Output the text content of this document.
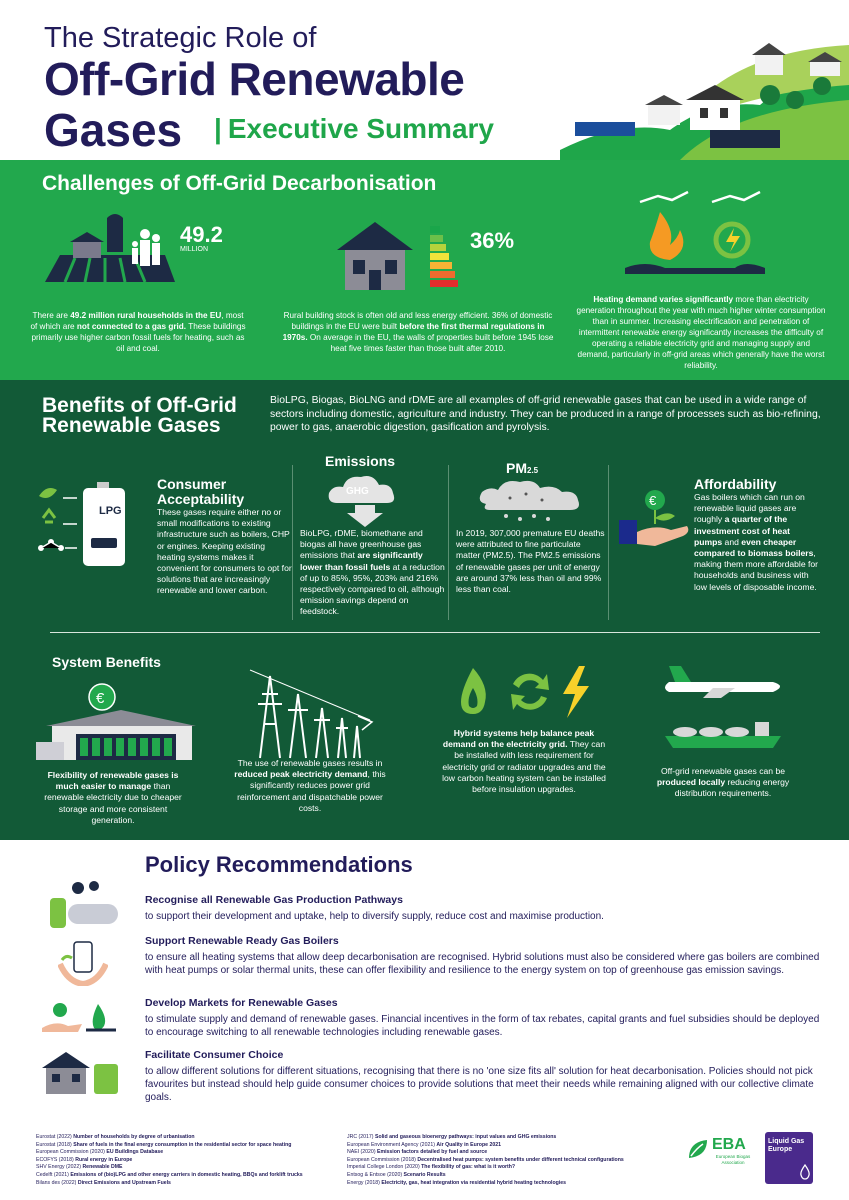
The Strategic Role of
Off-Grid Renewable
Gases | Executive Summary
Challenges of Off-Grid Decarbonisation
49.2
MILLION
There are 49.2 million rural households in the EU, most of which are not connected to a gas grid. These buildings primarily use higher carbon fossil fuels for heating, such as oil and coal.
36%
Rural building stock is often old and less energy efficient. 36% of domestic buildings in the EU were built before the first thermal regulations in 1970s. On average in the EU, the walls of properties built before 1945 lose heat five times faster than those built after 2010.
Heating demand varies significantly more than electricity generation throughout the year with much higher winter consumption than in summer. Increasing electrification and penetration of intermittent renewable energy significantly increases the difficulty of operating a reliable electricity grid and managing supply and demand, particularly in off-grid areas which generally have the worst reliability.
Benefits of Off-Grid
Renewable Gases
BioLPG, Biogas, BioLNG and rDME are all examples of off-grid renewable gases that can be used in a wide range of sectors including domestic, agriculture and industry. They can be produced in a range of processes such as bio-refining, power to gas, anaerobic digestion, gasification and pyrolysis.
LPG
Consumer
Acceptability
These gases require either no or small modifications to existing infrastructure such as boilers, CHP or engines. Keeping existing heating systems makes it convenient for consumers to opt for solutions that are increasingly renewable and lower carbon.
Emissions
GHG
BioLPG, rDME, biomethane and biogas all have greenhouse gas emissions that are significantly lower than fossil fuels at a reduction of up to 85%, 95%, 203% and 216% respectively compared to oil, although emission savings depend on feedstock.
PM2.5
In 2019, 307,000 premature EU deaths were attributed to fine particulate matter (PM2.5). The PM2.5 emissions of renewable gases per unit of energy are around 37% less than oil and 99% less than coal.
€
Affordability
Gas boilers which can run on renewable liquid gases are roughly a quarter of the investment cost of heat pumps and even cheaper compared to biomass boilers, making them more affordable for households and business with low levels of disposable income.
System Benefits
€
Flexibility of renewable gases is much easier to manage than renewable electricity due to cheaper storage and more consistent generation.
The use of renewable gases results in reduced peak electricity demand, this significantly reduces power grid reinforcement and dispatchable power costs.
Hybrid systems help balance peak demand on the electricity grid. They can be installed with less requirement for electricity grid or radiator upgrades and the low carbon heating system can be installed before insulation upgrades.
Off-grid renewable gases can be produced locally reducing energy distribution requirements.
Policy Recommendations
Recognise all Renewable Gas Production Pathways
to support their development and uptake, help to diversify supply, reduce cost and maximise production.
Support Renewable Ready Gas Boilers
to ensure all heating systems that allow deep decarbonisation are recognised. Hybrid solutions must also be considered where gas boilers are combined with heat pumps or solar thermal units, these can offer flexibility and resilience to the energy system on top of greenhouse gas emission savings.
Develop Markets for Renewable Gases
to stimulate supply and demand of renewable gases. Financial incentives in the form of tax rebates, capital grants and fuel subsidies should be deployed to encourage switching to all renewable technologies including renewable gases.
Facilitate Consumer Choice
to allow different solutions for different situations, recognising that there is no 'one size fits all' solution for heat decarbonisation. Policies should not pick favourites but instead should help guide consumer choices to provide solutions that meet their needs while remaining aligned with our collective climate goals.
Eurostat (2022) Number of households by degree of urbanisation
Eurostat (2018) Share of fuels in the final energy consumption in the residential sector for space heating
European Commission (2020) EU Buildings Database
ECOFYS (2018) Rural energy in Europe
SHV Energy (2022) Renewable DME
Cedelft (2021) Emissions of (bio)LPG and other energy carriers in domestic heating, BBQs and forklift trucks
Bilans des (2022) Direct Emissions and Upstream Fuels
JRC (2017) Solid and gaseous bioenergy pathways: input values and GHG emissions
European Environment Agency (2021) Air Quality in Europe 2021
NAEI (2020) Emission factors detailed by fuel and source
European Commission (2018) Decentralised heat pumps: system benefits under different technical configurations
Imperial College London (2020) The flexibility of gas: what is it worth?
Entsog & Entsoe (2020) Scenario Results
Energy (2018) Electricity, gas, heat integration via residential hybrid heating technologies
EBA
European Biogas Association
Liquid Gas
Europe
